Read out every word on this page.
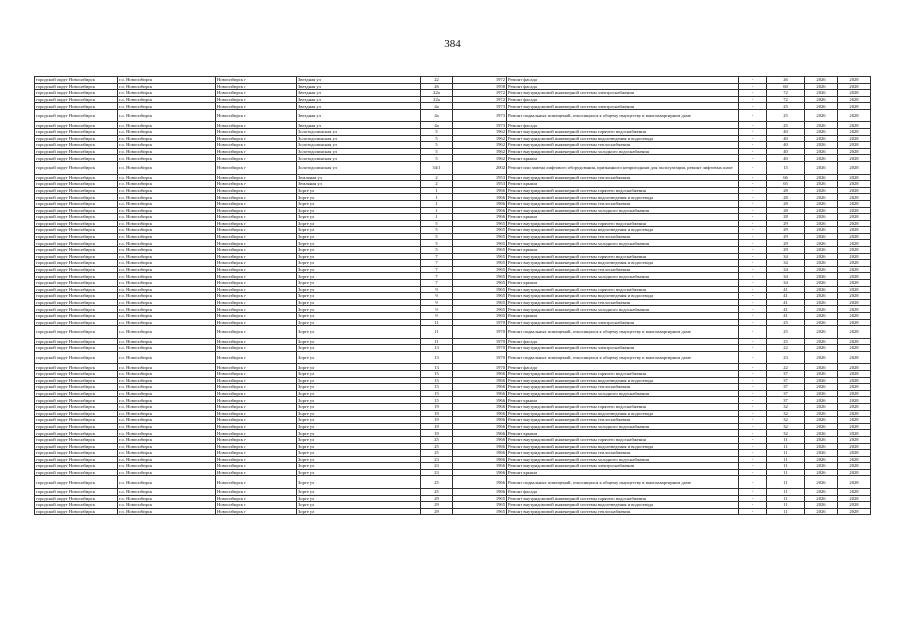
384
городской округ Новосибирск	г.о. Новосибирск	Новосибирск г	Звездная ул	22	1972	Ремонт фасада	-	26	2026	2028
городской округ Новосибирск	г.о. Новосибирск	Новосибирск г	Звездная ул	26	1958	Ремонт фасада	-	60	2026	2028
городской округ Новосибирск	г.о. Новосибирск	Новосибирск г	Звездная ул	22а	1972	Ремонт внутридомовой инженерной системы электроснабжения	-	72	2026	2028
городской округ Новосибирск	г.о. Новосибирск	Новосибирск г	Звездная ул	22а	1972	Ремонт фасада	-	72	2026	2028
городской округ Новосибирск	г.о. Новосибирск	Новосибирск г	Звездная ул	4а	1973	Ремонт внутридомовой инженерной системы электроснабжения	-	25	2026	2028
городской округ Новосибирск	г.о. Новосибирск	Новосибирск г	Звездная ул	4а	1973	Ремонт подвальных помещений, относящихся к общему имуществу в многоквартирном доме	-	25	2026	2028
городской округ Новосибирск	г.о. Новосибирск	Новосибирск г	Звездная ул	4а	1973	Ремонт фасада	-	25	2026	2028
городской округ Новосибирск	г.о. Новосибирск	Новосибирск г	Золотодолинская ул	5	1962	Ремонт внутридомовой инженерной системы горячего водоснабжения	-	40	2026	2028
городской округ Новосибирск	г.о. Новосибирск	Новосибирск г	Золотодолинская ул	5	1962	Ремонт внутридомовой инженерной системы водоотведения и водоотвода	-	40	2026	2028
городской округ Новосибирск	г.о. Новосибирск	Новосибирск г	Золотодолинская ул	5	1962	Ремонт внутридомовой инженерной системы теплоснабжения	-	40	2026	2028
городской округ Новосибирск	г.о. Новосибирск	Новосибирск г	Золотодолинская ул	5	1962	Ремонт внутридомовой инженерной системы холодного водоснабжения	-	40	2026	2028
городской округ Новосибирск	г.о. Новосибирск	Новосибирск г	Золотодолинская ул	5	1962	Ремонт крыши	-	40	2026	2028
городской округ Новосибирск	г.о. Новосибирск	Новосибирск г	Золотодолинская ул	34/1	2002	Ремонт или замена лифтового оборудования, признанного непригодным для эксплуатации, ремонт лифтовых шахт	-	15	2026	2028
городской округ Новосибирск	г.о. Новосибирск	Новосибирск г	Земляная ул	2	1953	Ремонт внутридомовой инженерной системы теплоснабжения	-	66	2026	2028
городской округ Новосибирск	г.о. Новосибирск	Новосибирск г	Земляная ул	2	1953	Ремонт крыши	-	65	2026	2028
городской округ Новосибирск	г.о. Новосибирск	Новосибирск г	Зорге ул	1	1966	Ремонт внутридомовой инженерной системы горячего водоснабжения	-	28	2026	2028
городской округ Новосибирск	г.о. Новосибирск	Новосибирск г	Зорге ул	1	1966	Ремонт внутридомовой инженерной системы водоотведения и водоотвода	-	28	2026	2028
городской округ Новосибирск	г.о. Новосибирск	Новосибирск г	Зорге ул	1	1966	Ремонт внутридомовой инженерной системы теплоснабжения	-	28	2026	2028
городской округ Новосибирск	г.о. Новосибирск	Новосибирск г	Зорге ул	1	1966	Ремонт внутридомовой инженерной системы холодного водоснабжения	-	28	2026	2028
городской округ Новосибирск	г.о. Новосибирск	Новосибирск г	Зорге ул	1	1966	Ремонт крыши	-	28	2026	2028
городской округ Новосибирск	г.о. Новосибирск	Новосибирск г	Зорге ул	5	1965	Ремонт внутридомовой инженерной системы горячего водоснабжения	-	29	2026	2028
городской округ Новосибирск	г.о. Новосибирск	Новосибирск г	Зорге ул	5	1965	Ремонт внутридомовой инженерной системы водоотведения и водоотвода	-	29	2026	2028
городской округ Новосибирск	г.о. Новосибирск	Новосибирск г	Зорге ул	5	1965	Ремонт внутридомовой инженерной системы теплоснабжения	-	29	2026	2028
городской округ Новосибирск	г.о. Новосибирск	Новосибирск г	Зорге ул	5	1965	Ремонт внутридомовой инженерной системы холодного водоснабжения	-	29	2026	2028
городской округ Новосибирск	г.о. Новосибирск	Новосибирск г	Зорге ул	5	1965	Ремонт крыши	-	29	2026	2028
городской округ Новосибирск	г.о. Новосибирск	Новосибирск г	Зорге ул	7	1965	Ремонт внутридомовой инженерной системы горячего водоснабжения	-	34	2026	2028
городской округ Новосибирск	г.о. Новосибирск	Новосибирск г	Зорге ул	7	1965	Ремонт внутридомовой инженерной системы водоотведения и водоотвода	-	34	2026	2028
городской округ Новосибирск	г.о. Новосибирск	Новосибирск г	Зорге ул	7	1965	Ремонт внутридомовой инженерной системы теплоснабжения	-	34	2026	2028
городской округ Новосибирск	г.о. Новосибирск	Новосибирск г	Зорге ул	7	1965	Ремонт внутридомовой инженерной системы холодного водоснабжения	-	34	2026	2028
городской округ Новосибирск	г.о. Новосибирск	Новосибирск г	Зорге ул	7	1965	Ремонт крыши	-	34	2026	2028
городской округ Новосибирск	г.о. Новосибирск	Новосибирск г	Зорге ул	9	1965	Ремонт внутридомовой инженерной системы горячего водоснабжения	-	41	2026	2028
городской округ Новосибирск	г.о. Новосибирск	Новосибирск г	Зорге ул	9	1965	Ремонт внутридомовой инженерной системы водоотведения и водоотвода	-	41	2026	2028
городской округ Новосибирск	г.о. Новосибирск	Новосибирск г	Зорге ул	9	1965	Ремонт внутридомовой инженерной системы теплоснабжения	-	41	2026	2028
городской округ Новосибирск	г.о. Новосибирск	Новосибирск г	Зорге ул	9	1965	Ремонт внутридомовой инженерной системы холодного водоснабжения	-	41	2026	2028
городской округ Новосибирск	г.о. Новосибирск	Новосибирск г	Зорге ул	9	1965	Ремонт крыши	-	41	2026	2028
городской округ Новосибирск	г.о. Новосибирск	Новосибирск г	Зорге ул	11	1970	Ремонт внутридомовой инженерной системы электроснабжения	-	25	2026	2028
городской округ Новосибирск	г.о. Новосибирск	Новосибирск г	Зорге ул	11	1970	Ремонт подвальных помещений, относящихся к общему имуществу в многоквартирном доме	-	25	2026	2028
городской округ Новосибирск	г.о. Новосибирск	Новосибирск г	Зорге ул	11	1970	Ремонт фасада	-	25	2026	2028
городской округ Новосибирск	г.о. Новосибирск	Новосибирск г	Зорге ул	13	1970	Ремонт внутридомовой инженерной системы электроснабжения	-	22	2026	2028
городской округ Новосибирск	г.о. Новосибирск	Новосибирск г	Зорге ул	13	1970	Ремонт подвальных помещений, относящихся к общему имуществу в многоквартирном доме	-	23	2026	2028
городской округ Новосибирск	г.о. Новосибирск	Новосибирск г	Зорге ул	13	1970	Ремонт фасада	-	22	2026	2028
городской округ Новосибирск	г.о. Новосибирск	Новосибирск г	Зорге ул	15	1966	Ремонт внутридомовой инженерной системы горячего водоснабжения	-	37	2026	2028
городской округ Новосибирск	г.о. Новосибирск	Новосибирск г	Зорге ул	15	1966	Ремонт внутридомовой инженерной системы водоотведения и водоотвода	-	37	2026	2028
городской округ Новосибирск	г.о. Новосибирск	Новосибирск г	Зорге ул	15	1966	Ремонт внутридомовой инженерной системы теплоснабжения	-	37	2026	2028
городской округ Новосибирск	г.о. Новосибирск	Новосибирск г	Зорге ул	15	1966	Ремонт внутридомовой инженерной системы холодного водоснабжения	-	37	2026	2028
городской округ Новосибирск	г.о. Новосибирск	Новосибирск г	Зорге ул	15	1966	Ремонт крыши	-	37	2026	2028
городской округ Новосибирск	г.о. Новосибирск	Новосибирск г	Зорге ул	19	1966	Ремонт внутридомовой инженерной системы горячего водоснабжения	-	32	2026	2028
городской округ Новосибирск	г.о. Новосибирск	Новосибирск г	Зорге ул	19	1966	Ремонт внутридомовой инженерной системы водоотведения и водоотвода	-	32	2026	2028
городской округ Новосибирск	г.о. Новосибирск	Новосибирск г	Зорге ул	19	1966	Ремонт внутридомовой инженерной системы теплоснабжения	-	32	2026	2028
городской округ Новосибирск	г.о. Новосибирск	Новосибирск г	Зорге ул	19	1966	Ремонт внутридомовой инженерной системы холодного водоснабжения	-	32	2026	2028
городской округ Новосибирск	г.о. Новосибирск	Новосибирск г	Зорге ул	19	1966	Ремонт крыши	-	32	2026	2028
городской округ Новосибирск	г.о. Новосибирск	Новосибирск г	Зорге ул	25	1966	Ремонт внутридомовой инженерной системы горячего водоснабжения	-	11	2026	2028
городской округ Новосибирск	г.о. Новосибирск	Новосибирск г	Зорге ул	25	1966	Ремонт внутридомовой инженерной системы водоотведения и водоотвода	-	11	2026	2028
городской округ Новосибирск	г.о. Новосибирск	Новосибирск г	Зорге ул	25	1966	Ремонт внутридомовой инженерной системы теплоснабжения	-	11	2026	2028
городской округ Новосибирск	г.о. Новосибирск	Новосибирск г	Зорге ул	23	1966	Ремонт внутридомовой инженерной системы холодного водоснабжения	-	11	2026	2028
городской округ Новосибирск	г.о. Новосибирск	Новосибирск г	Зорге ул	23	1966	Ремонт внутридомовой инженерной системы электроснабжения	-	11	2026	2028
городской округ Новосибирск	г.о. Новосибирск	Новосибирск г	Зорге ул	23	1966	Ремонт крыши	-	11	2026	2028
городской округ Новосибирск	г.о. Новосибирск	Новосибирск г	Зорге ул	25	1966	Ремонт подвальных помещений, относящихся к общему имуществу в многоквартирном доме	-	11	2026	2028
городской округ Новосибирск	г.о. Новосибирск	Новосибирск г	Зорге ул	25	1966	Ремонт фасада	-	11	2026	2028
городской округ Новосибирск	г.о. Новосибирск	Новосибирск г	Зорге ул	29	1965	Ремонт внутридомовой инженерной системы горячего водоснабжения	-	11	2026	2028
городской округ Новосибирск	г.о. Новосибирск	Новосибирск г	Зорге ул	29	1965	Ремонт внутридомовой инженерной системы водоотведения и водоотвода	-	11	2026	2028
городской округ Новосибирск	г.о. Новосибирск	Новосибирск г	Зорге ул	29	1965	Ремонт внутридомовой инженерной системы теплоснабжения	-	11	2026	2028
